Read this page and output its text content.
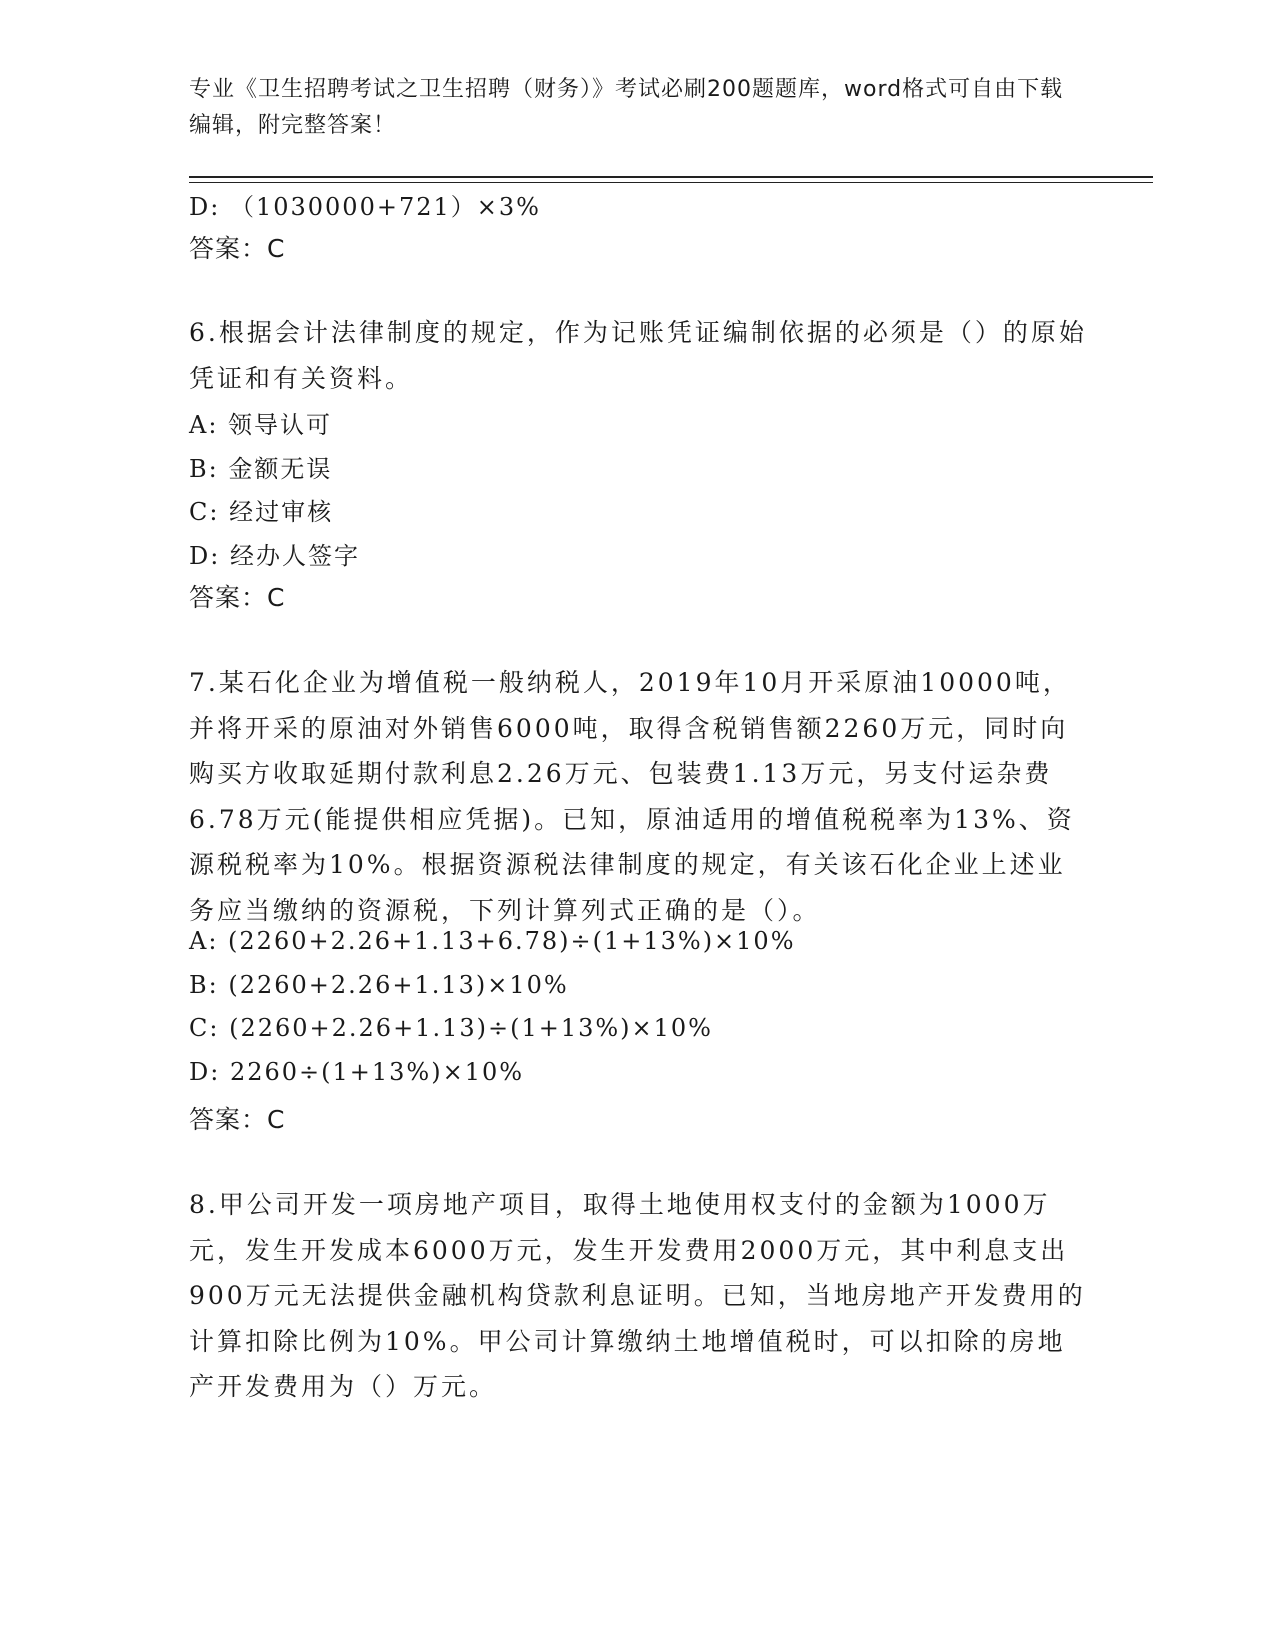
专业《卫生招聘考试之卫生招聘（财务）》考试必刷200题题库，word格式可自由下载编辑，附完整答案！

D: （1030000+721）×3%

答案：C

6.根据会计法律制度的规定，作为记账凭证编制依据的必须是（）的原始凭证和有关资料。

A: 领导认可

B: 金额无误

C: 经过审核

D: 经办人签字

答案：C

7.某石化企业为增值税一般纳税人，2019年10月开采原油10000吨，并将开采的原油对外销售6000吨，取得含税销售额2260万元，同时向购买方收取延期付款利息2.26万元、包装费1.13万元，另支付运杂费6.78万元(能提供相应凭据)。已知，原油适用的增值税税率为13%、资源税税率为10%。根据资源税法律制度的规定，有关该石化企业上述业务应当缴纳的资源税，下列计算列式正确的是（）。

A: (2260+2.26+1.13+6.78)÷(1+13%)×10%

B: (2260+2.26+1.13)×10%

C: (2260+2.26+1.13)÷(1+13%)×10%

D: 2260÷(1+13%)×10%

答案：C

8.甲公司开发一项房地产项目，取得土地使用权支付的金额为1000万元，发生开发成本6000万元，发生开发费用2000万元，其中利息支出900万元无法提供金融机构贷款利息证明。已知，当地房地产开发费用的计算扣除比例为10%。甲公司计算缴纳土地增值税时，可以扣除的房地产开发费用为（）万元。
